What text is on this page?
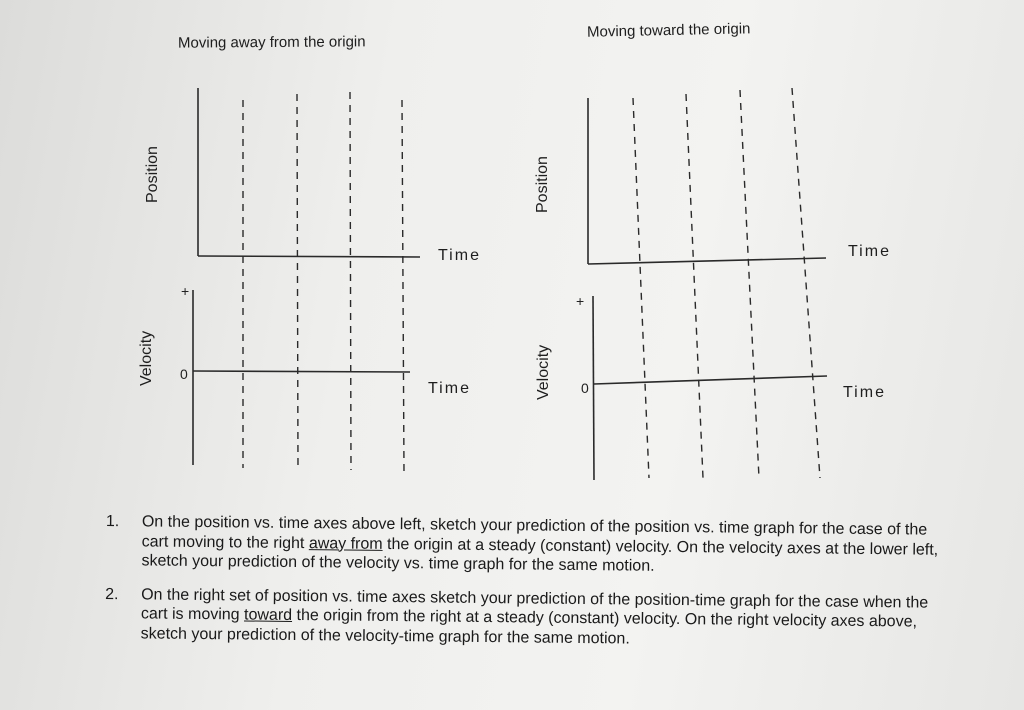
Moving away from the origin
Moving toward the origin
Position
Velocity
Position
Velocity
Time
Time
Time
Time
+
0
+
0
1.	On the position vs. time axes above left, sketch your prediction of the position vs. time graph for the case of the cart moving to the right away from the origin at a steady (constant) velocity. On the velocity axes at the lower left, sketch your prediction of the velocity vs. time graph for the same motion.
2.	On the right set of position vs. time axes sketch your prediction of the position-time graph for the case when the cart is moving toward the origin from the right at a steady (constant) velocity. On the right velocity axes above, sketch your prediction of the velocity-time graph for the same motion.
